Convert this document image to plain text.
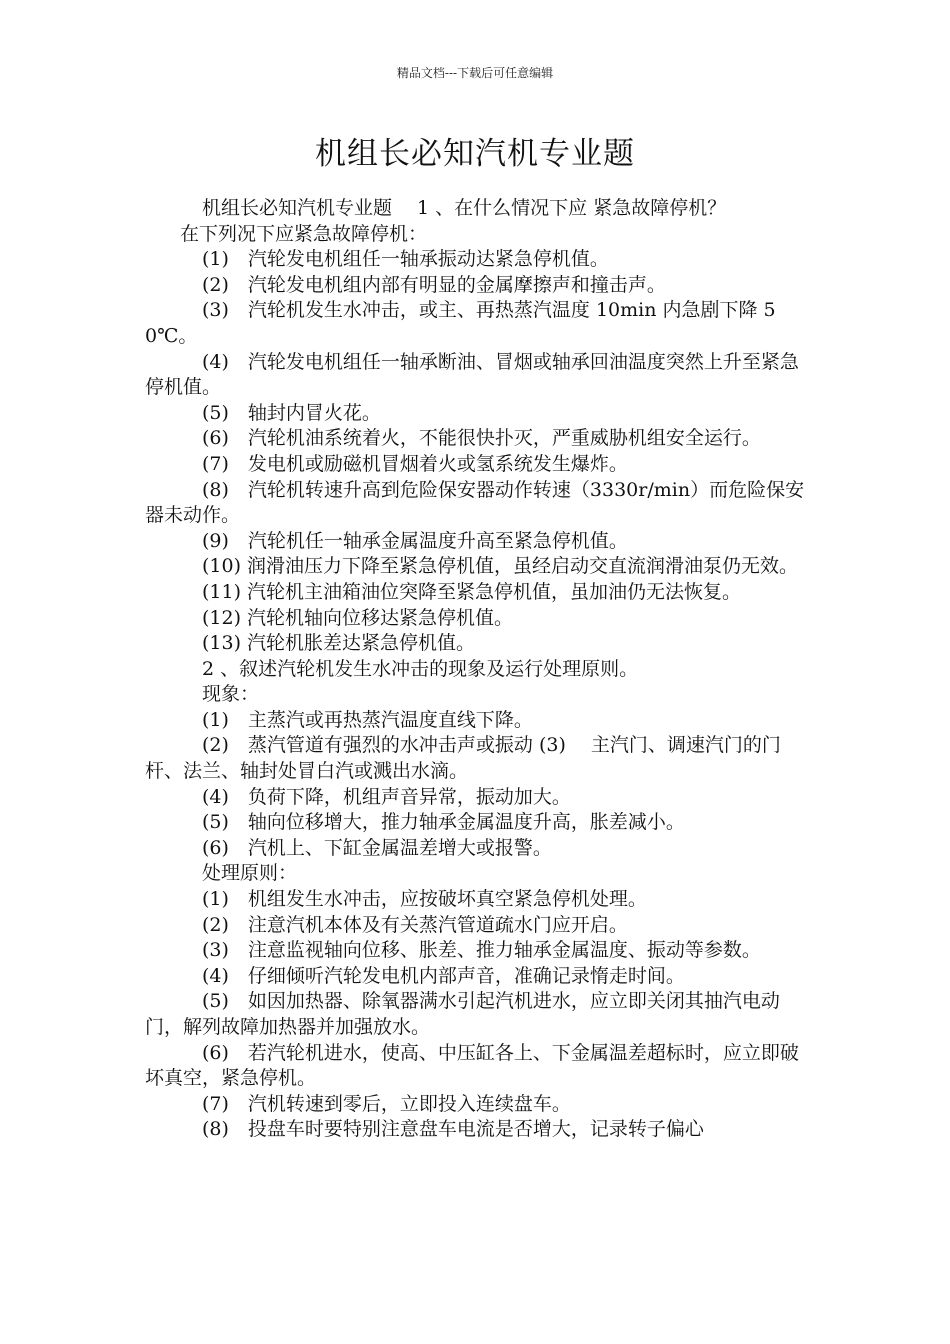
精品文档---下载后可任意编辑
机组长必知汽机专业题

机组长必知汽机专业题　 1 、在什么情况下应 紧急故障停机？

在下列况下应紧急故障停机：

(1)　汽轮发电机组任一轴承振动达紧急停机值。

(2)　汽轮发电机组内部有明显的金属摩擦声和撞击声。

(3)　汽轮机发生水冲击，或主、再热蒸汽温度 10min 内急剧下降 50℃。

(4)　汽轮发电机组任一轴承断油、冒烟或轴承回油温度突然上升至紧急停机值。

(5)　轴封内冒火花。

(6)　汽轮机油系统着火，不能很快扑灭，严重威胁机组安全运行。

(7)　发电机或励磁机冒烟着火或氢系统发生爆炸。

(8)　汽轮机转速升高到危险保安器动作转速（3330r/min）而危险保安器未动作。

(9)　汽轮机任一轴承金属温度升高至紧急停机值。

(10) 润滑油压力下降至紧急停机值，虽经启动交直流润滑油泵仍无效。

(11) 汽轮机主油箱油位突降至紧急停机值，虽加油仍无法恢复。

(12) 汽轮机轴向位移达紧急停机值。

(13) 汽轮机胀差达紧急停机值。

2 、叙述汽轮机发生水冲击的现象及运行处理原则。

现象：

(1)　主蒸汽或再热蒸汽温度直线下降。

(2)　蒸汽管道有强烈的水冲击声或振动 (3)　 主汽门、调速汽门的门杆、法兰、轴封处冒白汽或溅出水滴。

(4)　负荷下降，机组声音异常，振动加大。

(5)　轴向位移增大，推力轴承金属温度升高，胀差减小。

(6)　汽机上、下缸金属温差增大或报警。

处理原则：

(1)　机组发生水冲击，应按破坏真空紧急停机处理。

(2)　注意汽机本体及有关蒸汽管道疏水门应开启。

(3)　注意监视轴向位移、胀差、推力轴承金属温度、振动等参数。

(4)　仔细倾听汽轮发电机内部声音，准确记录惰走时间。

(5)　如因加热器、除氧器满水引起汽机进水，应立即关闭其抽汽电动门，解列故障加热器并加强放水。

(6)　若汽轮机进水，使高、中压缸各上、下金属温差超标时，应立即破坏真空，紧急停机。

(7)　汽机转速到零后，立即投入连续盘车。

(8)　投盘车时要特别注意盘车电流是否增大，记录转子偏心
